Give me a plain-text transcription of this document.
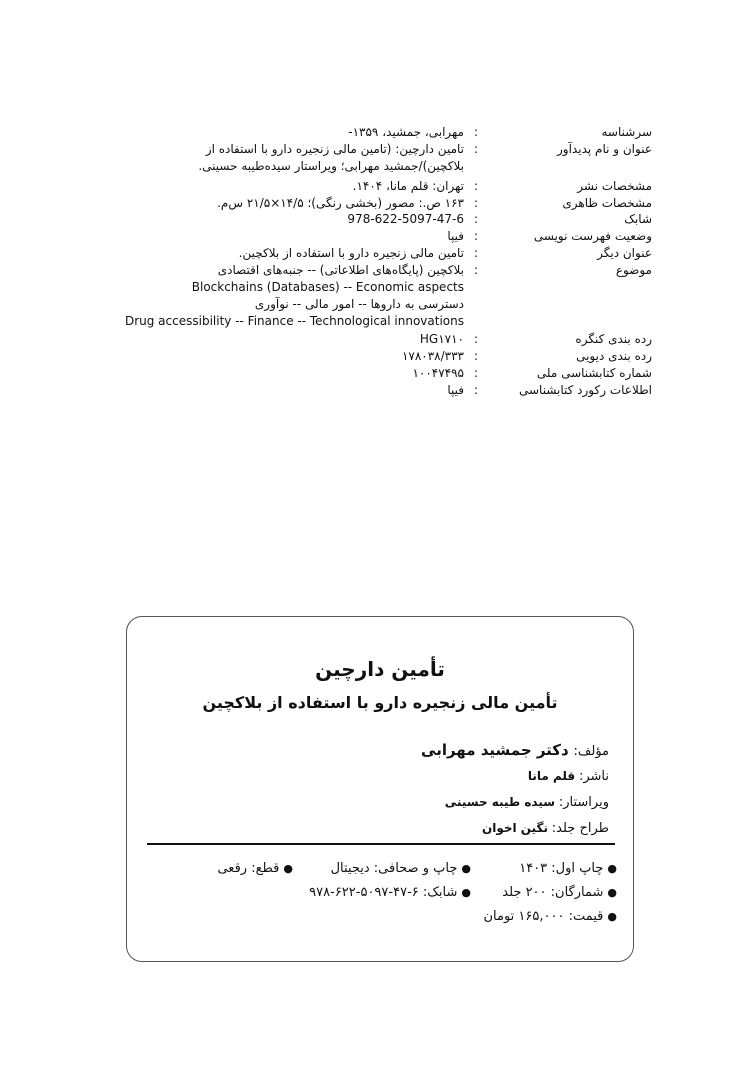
سرشناسه
:
مهرابی، جمشید، ۱۳۵۹-
عنوان و نام پدیدآور
:
تامین دارچین: (تامین مالی زنجیره دارو با استفاده از
بلاکچین)/جمشید مهرابی؛ ویراستار سیده‌طیبه حسینی.
مشخصات نشر
:
تهران: قلم مانا، ۱۴۰۴.
مشخصات ظاهری
:
۱۶۳ ص.: مصور (بخشی رنگی)؛ ۱۴/۵×۲۱/۵ س‌م.
شابک
:
978-622-5097-47-6
وضعیت فهرست نویسی
:
فیپا
عنوان دیگر
:
تامین مالی زنجیره دارو با استفاده از بلاکچین.
موضوع
:
بلاکچین (پایگاه‌های اطلاعاتی) -- جنبه‌های اقتصادی
Blockchains (Databases) -- Economic aspects
دسترسی به داروها -- امور مالی -- نوآوری
Drug accessibility -- Finance -- Technological innovations
رده بندی کنگره
:
HG۱۷۱۰
رده بندی دیویی
:
۱۷۸۰۳۸/۳۳۳
شماره کتابشناسی ملی
:
۱۰۰۴۷۴۹۵
اطلاعات رکورد کتابشناسی
:
فیپا
تأمین دارچین
تأمین مالی زنجیره دارو با استفاده از بلاکچین
مؤلف: دکتر جمشید مهرابی
ناشر: قلم مانا
ویراستار: سیده طیبه حسینی
طراح جلد: نگین اخوان
●چاپ اول: ۱۴۰۳
●چاپ و صحافی: دیجیتال
●قطع: رقعی
●شمارگان: ۲۰۰ جلد
●شابک: ۶-۴۷-۵۰۹۷-۶۲۲-۹۷۸
●قیمت: ۱۶۵,۰۰۰ تومان
